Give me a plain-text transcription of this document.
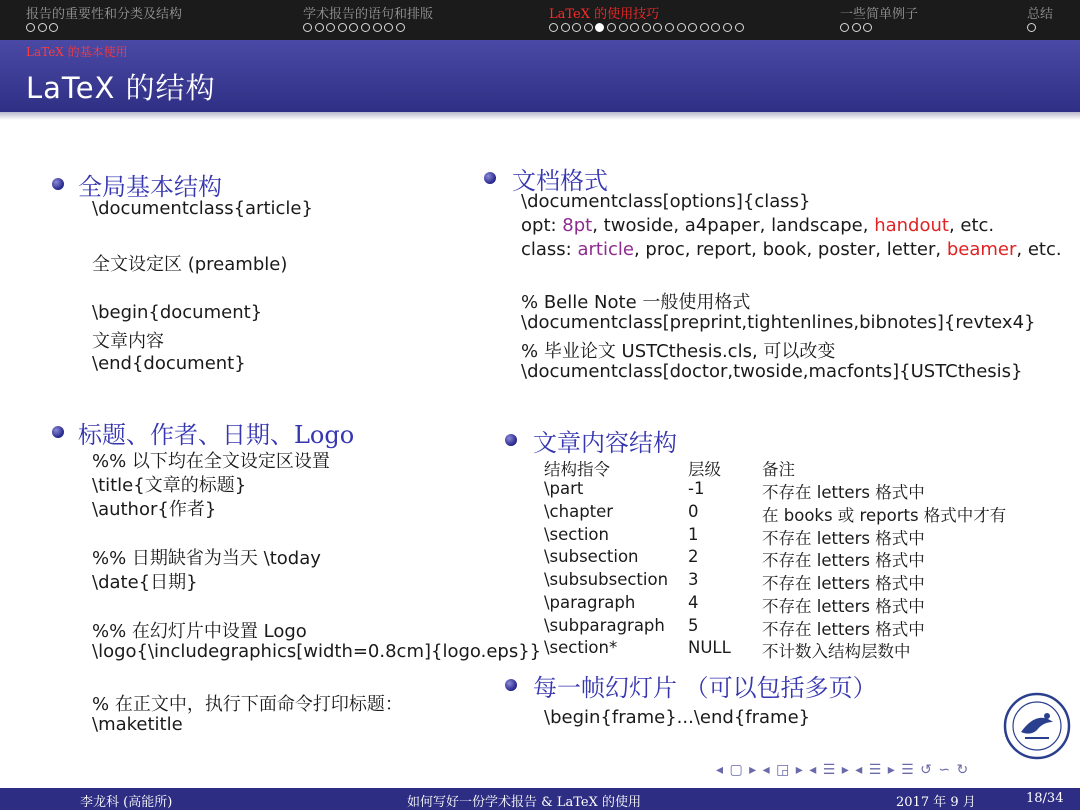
报告的重要性和分类及结构	学术报告的语句和排版	LaTeX 的使用技巧	一些简单例子	总结
LaTeX 的基本使用
LaTeX 的结构
全局基本结构
\documentclass{article}
全文设定区 (preamble)
\begin{document}
文章内容
\end{document}
标题、作者、日期、Logo
%% 以下均在全文设定区设置
\title{文章的标题}
\author{作者}
%% 日期缺省为当天 \today
\date{日期}
%% 在幻灯片中设置 Logo
\logo{\includegraphics[width=0.8cm]{logo.eps}}
% 在正文中，执行下面命令打印标题：
\maketitle
文档格式
\documentclass[options]{class}
opt: 8pt, twoside, a4paper, landscape, handout, etc.
class: article, proc, report, book, poster, letter, beamer, etc.
% Belle Note 一般使用格式
\documentclass[preprint,tightenlines,bibnotes]{revtex4}
% 毕业论文 USTCthesis.cls, 可以改变
\documentclass[doctor,twoside,macfonts]{USTCthesis}
文章内容结构
结构指令	层级 备注
\part	-1	不存在 letters 格式中
\chapter	0	在 books 或 reports 格式中才有
\section	1	不存在 letters 格式中
\subsection	2	不存在 letters 格式中
\subsubsection 3	不存在 letters 格式中
\paragraph	4	不存在 letters 格式中
\subparagraph 5	不存在 letters 格式中
\section*	NULL 不计数入结构层数中
每一帧幻灯片 （可以包括多页）
\begin{frame}...\end{frame}
◂ ▢ ▸ ◂ ◲ ▸ ◂ ☰ ▸ ◂ ☰ ▸ ☰ ↺ ∽ ↻
李龙科 (高能所)	如何写好一份学术报告 & LaTeX 的使用	2017 年 9 月	18/34
